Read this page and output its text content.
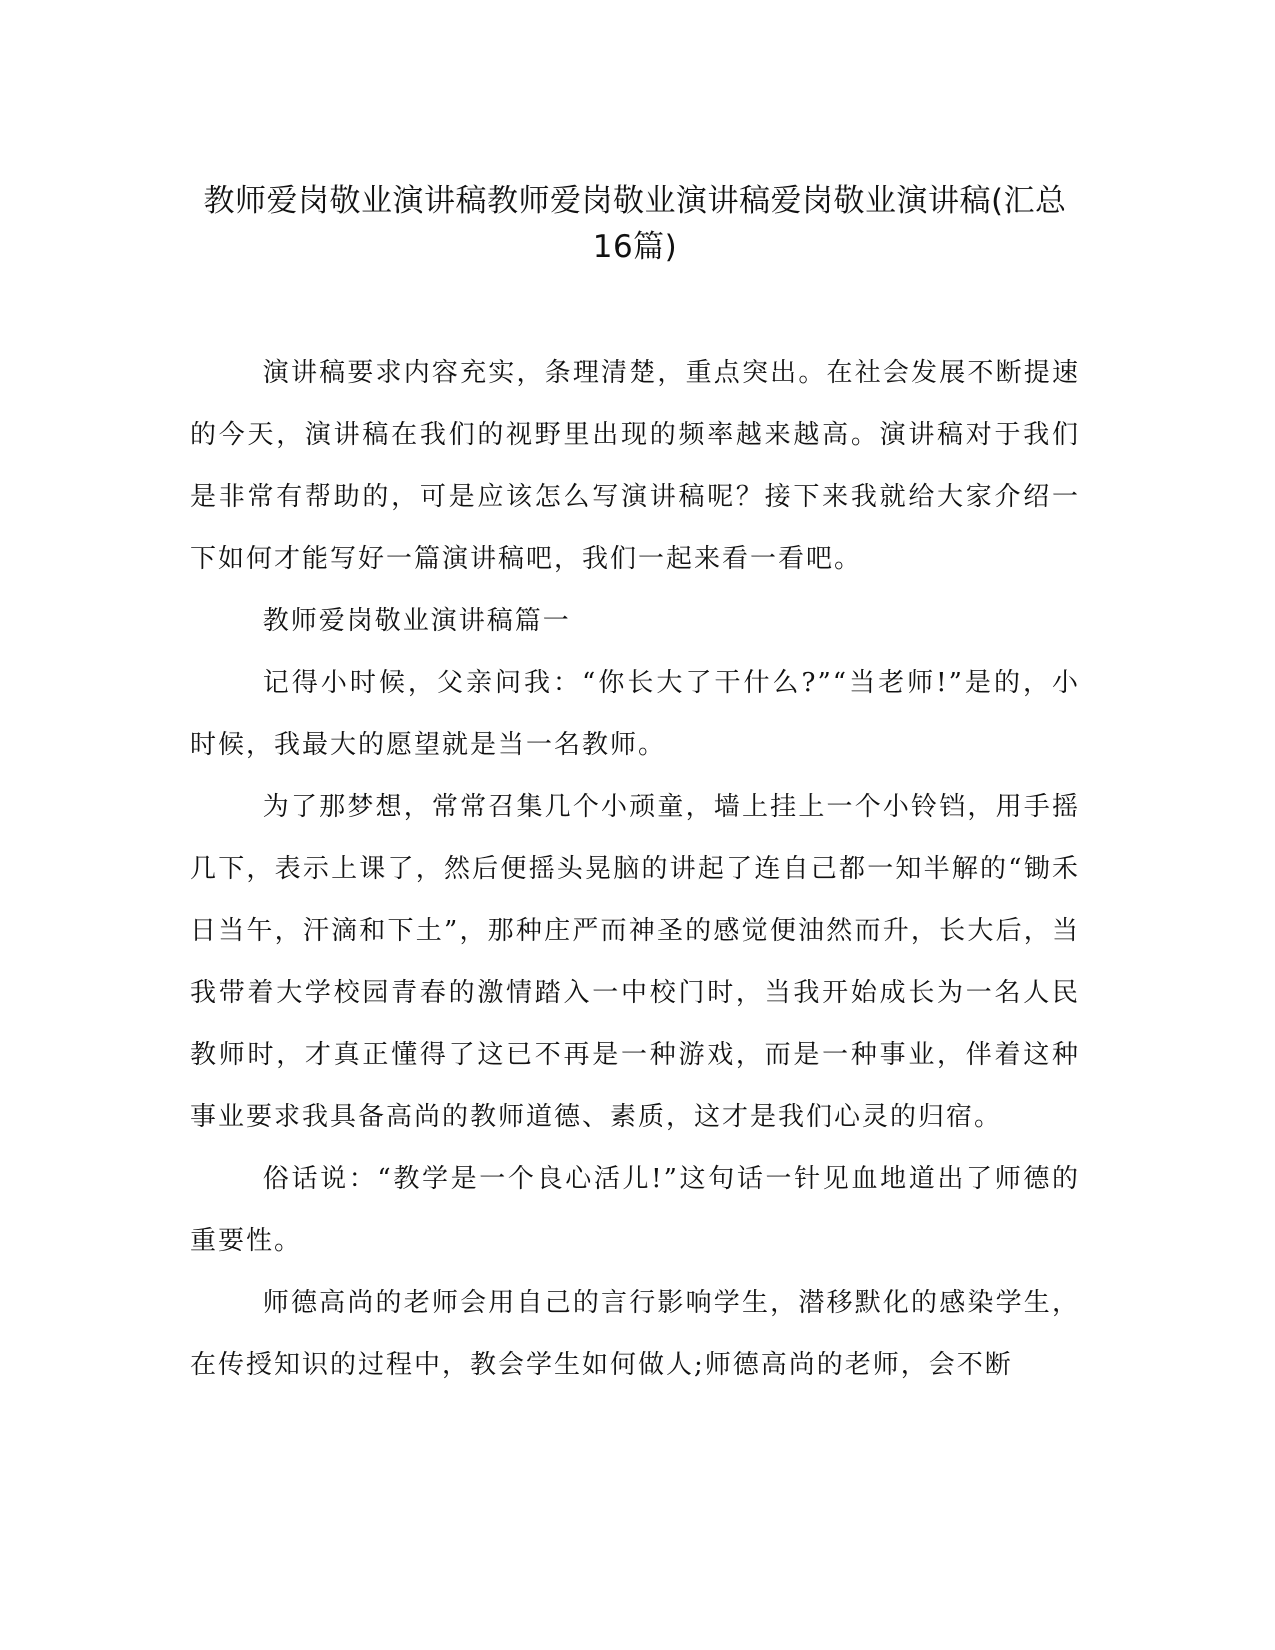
教师爱岗敬业演讲稿教师爱岗敬业演讲稿爱岗敬业演讲稿(汇总16篇)

演讲稿要求内容充实，条理清楚，重点突出。在社会发展不断提速的今天，演讲稿在我们的视野里出现的频率越来越高。演讲稿对于我们是非常有帮助的，可是应该怎么写演讲稿呢？接下来我就给大家介绍一下如何才能写好一篇演讲稿吧，我们一起来看一看吧。

教师爱岗敬业演讲稿篇一

记得小时候，父亲问我：“你长大了干什么?”“当老师!”是的，小时候，我最大的愿望就是当一名教师。

为了那梦想，常常召集几个小顽童，墙上挂上一个小铃铛，用手摇几下，表示上课了，然后便摇头晃脑的讲起了连自己都一知半解的“锄禾日当午，汗滴和下土”，那种庄严而神圣的感觉便油然而升，长大后，当我带着大学校园青春的激情踏入一中校门时，当我开始成长为一名人民教师时，才真正懂得了这已不再是一种游戏，而是一种事业，伴着这种事业要求我具备高尚的教师道德、素质，这才是我们心灵的归宿。

俗话说：“教学是一个良心活儿!”这句话一针见血地道出了师德的重要性。

师德高尚的老师会用自己的言行影响学生，潜移默化的感染学生，在传授知识的过程中，教会学生如何做人;师德高尚的老师，会不断
